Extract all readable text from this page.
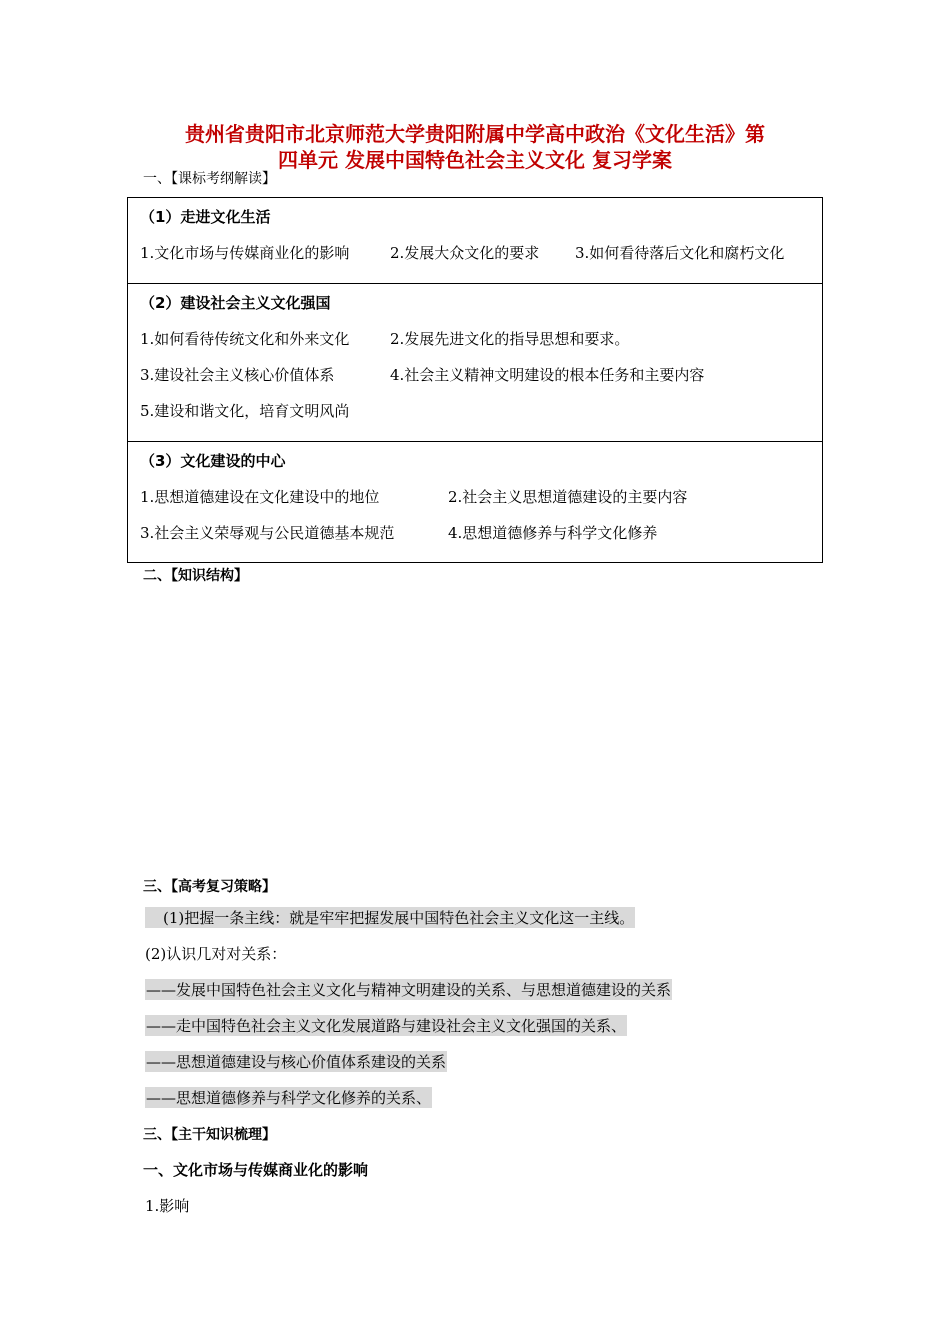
贵州省贵阳市北京师范大学贵阳附属中学高中政治《文化生活》第
四单元 发展中国特色社会主义文化 复习学案
一、【课标考纲解读】
（1）走进文化生活
1.文化市场与传媒商业化的影响	2.发展大众文化的要求 3.如何看待落后文化和腐朽文化
（2）建设社会主义文化强国
1.如何看待传统文化和外来文化	2.发展先进文化的指导思想和要求。
3.建设社会主义核心价值体系	4.社会主义精神文明建设的根本任务和主要内容
5.建设和谐文化，培育文明风尚
（3）文化建设的中心
1.思想道德建设在文化建设中的地位	2.社会主义思想道德建设的主要内容
3.社会主义荣辱观与公民道德基本规范	4.思想道德修养与科学文化修养
二、【知识结构】
三、【高考复习策略】
(1)把握一条主线：就是牢牢把握发展中国特色社会主义文化这一主线。
(2)认识几对对关系：
——发展中国特色社会主义文化与精神文明建设的关系、与思想道德建设的关系
——走中国特色社会主义文化发展道路与建设社会主义文化强国的关系、
——思想道德建设与核心价值体系建设的关系
——思想道德修养与科学文化修养的关系、
三、【主干知识梳理】
一、文化市场与传媒商业化的影响
1.影响
